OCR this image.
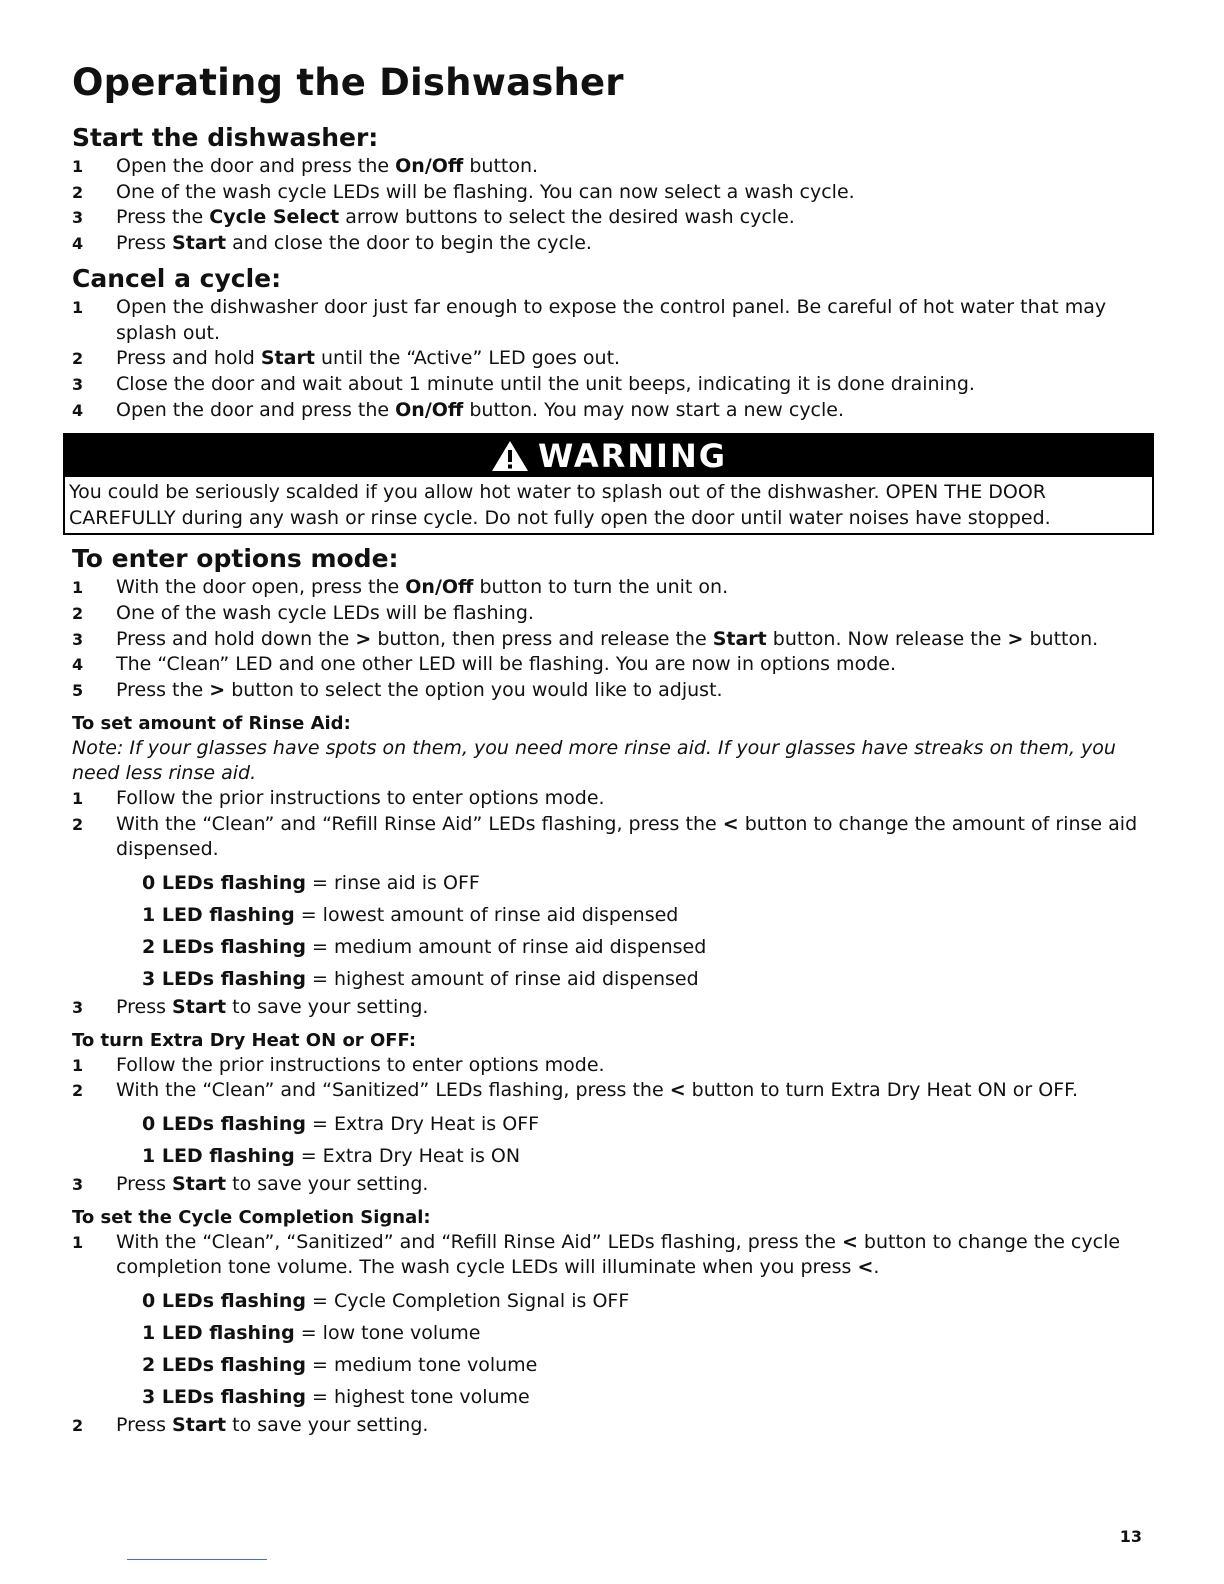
Operating the Dishwasher
Start the dishwasher:
1	Open the door and press the On/Off button.
2	One of the wash cycle LEDs will be flashing. You can now select a wash cycle.
3	Press the Cycle Select arrow buttons to select the desired wash cycle.
4	Press Start and close the door to begin the cycle.
Cancel a cycle:
1	Open the dishwasher door just far enough to expose the control panel. Be careful of hot water that may splash out.
2	Press and hold Start until the “Active” LED goes out.
3	Close the door and wait about 1 minute until the unit beeps, indicating it is done draining.
4	Open the door and press the On/Off button. You may now start a new cycle.
WARNING
You could be seriously scalded if you allow hot water to splash out of the dishwasher. OPEN THE DOOR CAREFULLY during any wash or rinse cycle. Do not fully open the door until water noises have stopped.
To enter options mode:
1	With the door open, press the On/Off button to turn the unit on.
2	One of the wash cycle LEDs will be flashing.
3	Press and hold down the > button, then press and release the Start button. Now release the > button.
4	The “Clean” LED and one other LED will be flashing. You are now in options mode.
5	Press the > button to select the option you would like to adjust.
To set amount of Rinse Aid:
Note: If your glasses have spots on them, you need more rinse aid. If your glasses have streaks on them, you need less rinse aid.
1	Follow the prior instructions to enter options mode.
2	With the “Clean” and “Refill Rinse Aid” LEDs flashing, press the < button to change the amount of rinse aid dispensed.
0 LEDs flashing = rinse aid is OFF
1 LED flashing = lowest amount of rinse aid dispensed
2 LEDs flashing = medium amount of rinse aid dispensed
3 LEDs flashing = highest amount of rinse aid dispensed
3	Press Start to save your setting.
To turn Extra Dry Heat ON or OFF:
1	Follow the prior instructions to enter options mode.
2	With the “Clean” and “Sanitized” LEDs flashing, press the < button to turn Extra Dry Heat ON or OFF.
0 LEDs flashing = Extra Dry Heat is OFF
1 LED flashing = Extra Dry Heat is ON
3	Press Start to save your setting.
To set the Cycle Completion Signal:
1	With the “Clean”, “Sanitized” and “Refill Rinse Aid” LEDs flashing, press the < button to change the cycle completion tone volume. The wash cycle LEDs will illuminate when you press <.
0 LEDs flashing = Cycle Completion Signal is OFF
1 LED flashing = low tone volume
2 LEDs flashing = medium tone volume
3 LEDs flashing = highest tone volume
2	Press Start to save your setting.
13
